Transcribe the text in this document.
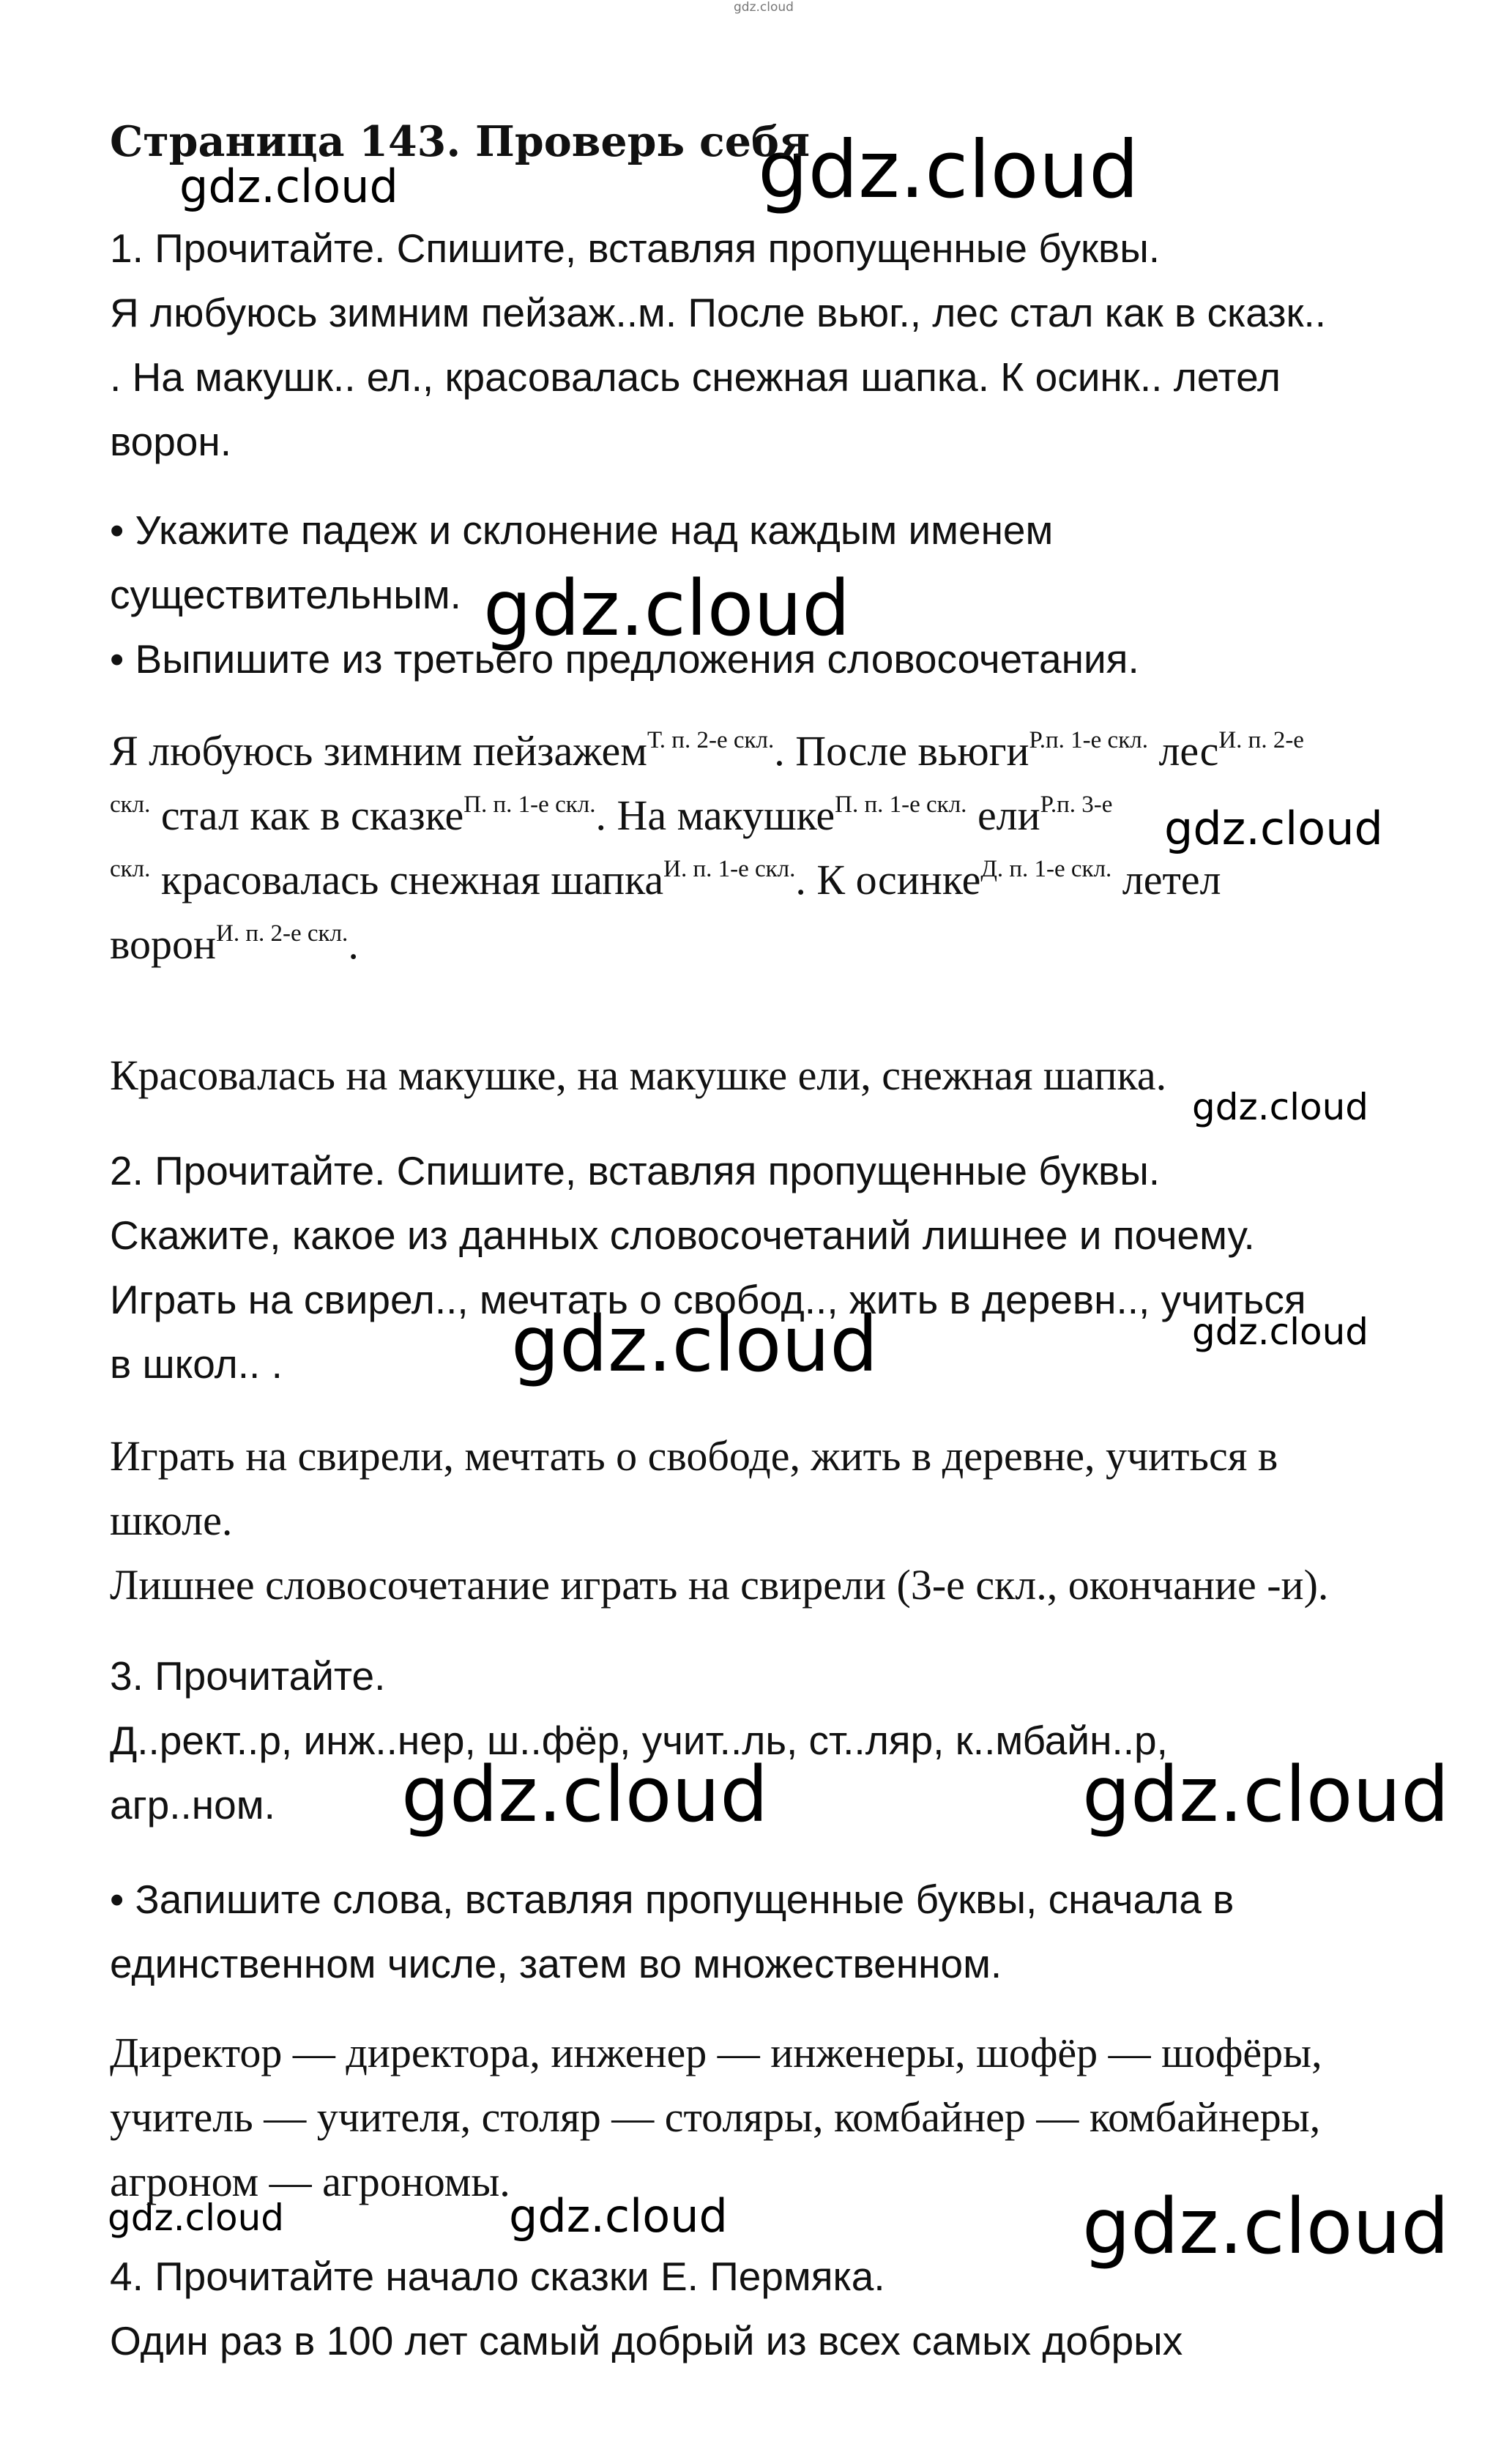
gdz.cloud
gdz.cloud
gdz.cloud
gdz.cloud
gdz.cloud
gdz.cloud
gdz.cloud
gdz.cloud
gdz.cloud	gdz.cloud
gdz.cloud	gdz.cloud	gdz.cloud
Страница 143. Проверь себя
1. Прочитайте. Спишите, вставляя пропущенные буквы.
Я любуюсь зимним пейзаж..м. После вьюг., лес стал как в сказк..
. На макушк.. ел., красовалась снежная шапка. К осинк.. летел
ворон.
• Укажите падеж и склонение над каждым именем
существительным.
• Выпишите из третьего предложения словосочетания.
Я любуюсь зимним пейзажем$^{Т. п. 2-е скл.}$. После вьюги$^{Р.п. 1-е скл.}$ лес$^{И. п. 2-е}$
$^{скл.}$ стал как в сказке$^{П. п. 1-е скл.}$. На макушке$^{П. п. 1-е скл.}$ ели$^{Р.п. 3-е}$
$^{скл.}$ красовалась снежная шапка$^{И. п. 1-е скл.}$. К осинке$^{Д. п. 1-е скл.}$ летел
ворон$^{И. п. 2-е скл.}$.
Красовалась на макушке, на макушке ели, снежная шапка.
2. Прочитайте. Спишите, вставляя пропущенные буквы.
Скажите, какое из данных словосочетаний лишнее и почему.
Играть на свирел.., мечтать о свобод.., жить в деревн.., учиться
в школ.. .
Играть на свирели, мечтать о свободе, жить в деревне, учиться в
школе.
Лишнее словосочетание играть на свирели (3-е скл., окончание -и).
3. Прочитайте.
Д..рект..р, инж..нер, ш..фёр, учит..ль, ст..ляр, к..мбайн..р,
агр..ном.
• Запишите слова, вставляя пропущенные буквы, сначала в
единственном числе, затем во множественном.
Директор — директора, инженер — инженеры, шофёр — шофёры,
учитель — учителя, столяр — столяры, комбайнер — комбайнеры,
агроном — агрономы.
4. Прочитайте начало сказки Е. Пермяка.
Один раз в 100 лет самый добрый из всех самых добрых
